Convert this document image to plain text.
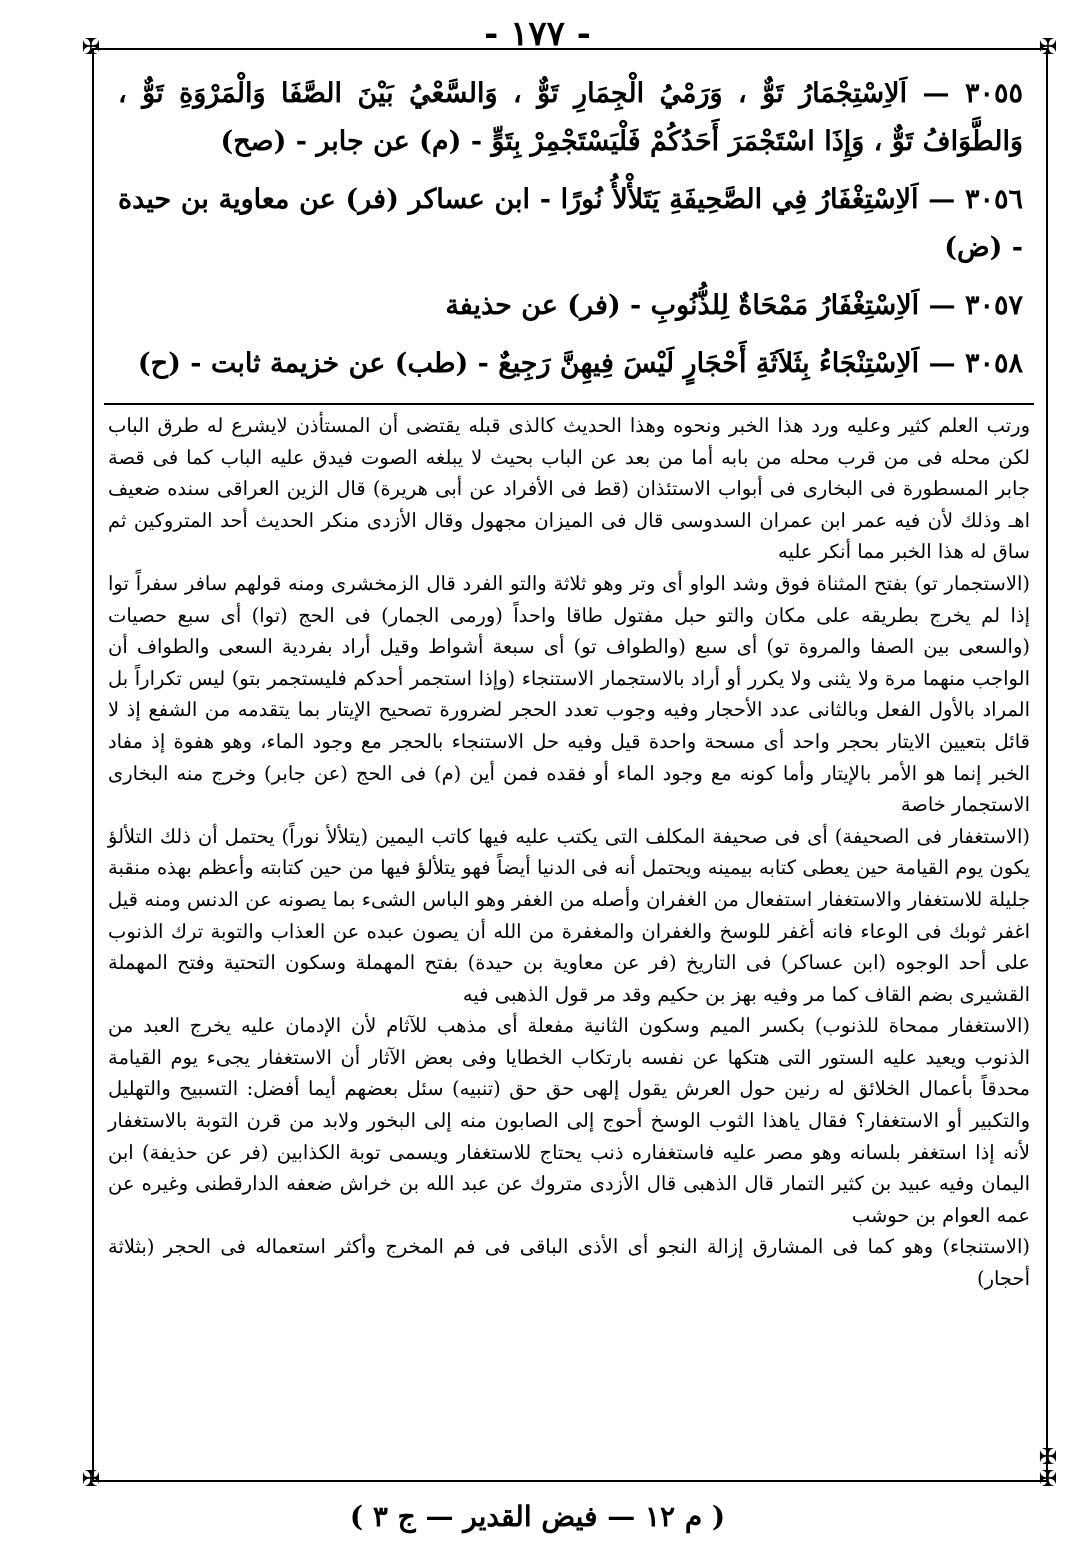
- ١٧٧ -
✠	✠
✠	✠
✠

٣٠٥٥ — اَلاِسْتِجْمَارُ تَوٌّ ، وَرَمْيُ الْجِمَارِ تَوٌّ ، وَالسَّعْيُ بَيْنَ الصَّفَا وَالْمَرْوَةِ تَوٌّ ، وَالطَّوَافُ تَوٌّ ، وَإِذَا اسْتَجْمَرَ أَحَدُكُمْ فَلْيَسْتَجْمِرْ بِتَوٍّ - (م) عن جابر - (صح)

٣٠٥٦ — اَلاِسْتِغْفَارُ فِي الصَّحِيفَةِ يَتَلأْلأُ نُورًا - ابن عساكر (فر) عن معاوية بن حيدة - (ض)

٣٠٥٧ — اَلاِسْتِغْفَارُ مَمْحَاةٌ لِلذُّنُوبِ - (فر) عن حذيفة

٣٠٥٨ — اَلاِسْتِنْجَاءُ بِثَلاَثَةِ أَحْجَارٍ لَيْسَ فِيهِنَّ رَجِيعٌ - (طب) عن خزيمة ثابت - (ح)

ورتب العلم كثير وعليه ورد هذا الخبر ونحوه وهذا الحديث كالذى قبله يقتضى أن المستأذن لايشرع له طرق الباب لكن محله فى من قرب محله من بابه أما من بعد عن الباب بحيث لا يبلغه الصوت فيدق عليه الباب كما فى قصة جابر المسطورة فى البخارى فى أبواب الاستئذان (قط فى الأفراد عن أبى هريرة) قال الزين العراقى سنده ضعيف اهـ وذلك لأن فيه عمر ابن عمران السدوسى قال فى الميزان مجهول وقال الأزدى منكر الحديث أحد المتروكين ثم ساق له هذا الخبر مما أنكر عليه

(الاستجمار تو) بفتح المثناة فوق وشد الواو أى وتر وهو ثلاثة والتو الفرد قال الزمخشرى ومنه قولهم سافر سفراً توا إذا لم يخرج بطريقه على مكان والتو حبل مفتول طاقا واحداً (ورمى الجمار) فى الحج (توا) أى سبع حصيات (والسعى بين الصفا والمروة تو) أى سبع (والطواف تو) أى سبعة أشواط وقيل أراد بفردية السعى والطواف أن الواجب منهما مرة ولا يثنى ولا يكرر أو أراد بالاستجمار الاستنجاء (وإذا استجمر أحدكم فليستجمر بتو) ليس تكراراً بل المراد بالأول الفعل وبالثانى عدد الأحجار وفيه وجوب تعدد الحجر لضرورة تصحيح الإيتار بما يتقدمه من الشفع إذ لا قائل بتعيين الايتار بحجر واحد أى مسحة واحدة قيل وفيه حل الاستنجاء بالحجر مع وجود الماء، وهو هفوة إذ مفاد الخبر إنما هو الأمر بالإيتار وأما كونه مع وجود الماء أو فقده فمن أين (م) فى الحج (عن جابر) وخرج منه البخارى الاستجمار خاصة

(الاستغفار فى الصحيفة) أى فى صحيفة المكلف التى يكتب عليه فيها كاتب اليمين (يتلألأ نوراً) يحتمل أن ذلك التلألؤ يكون يوم القيامة حين يعطى كتابه بيمينه ويحتمل أنه فى الدنيا أيضاً فهو يتلألؤ فيها من حين كتابته وأعظم بهذه منقبة جليلة للاستغفار والاستغفار استفعال من الغفران وأصله من الغفر وهو الباس الشىء بما يصونه عن الدنس ومنه قيل اغفر ثوبك فى الوعاء فانه أغفر للوسخ والغفران والمغفرة من الله أن يصون عبده عن العذاب والتوبة ترك الذنوب على أحد الوجوه (ابن عساكر) فى التاريخ (فر عن معاوية بن حيدة) بفتح المهملة وسكون التحتية وفتح المهملة القشيرى بضم القاف كما مر وفيه بهز بن حكيم وقد مر قول الذهبى فيه

(الاستغفار ممحاة للذنوب) بكسر الميم وسكون الثانية مفعلة أى مذهب للآثام لأن الإدمان عليه يخرج العبد من الذنوب ويعيد عليه الستور التى هتكها عن نفسه بارتكاب الخطايا وفى بعض الآثار أن الاستغفار يجىء يوم القيامة محدقاً بأعمال الخلائق له رنين حول العرش يقول إلهى حق حق (تنبيه) سئل بعضهم أيما أفضل: التسبيح والتهليل والتكبير أو الاستغفار؟ فقال ياهذا الثوب الوسخ أحوج إلى الصابون منه إلى البخور ولابد من قرن التوبة بالاستغفار لأنه إذا استغفر بلسانه وهو مصر عليه فاستغفاره ذنب يحتاج للاستغفار ويسمى توبة الكذابين (فر عن حذيفة) ابن اليمان وفيه عبيد بن كثير التمار قال الذهبى قال الأزدى متروك عن عبد الله بن خراش ضعفه الدارقطنى وغيره عن عمه العوام بن حوشب

(الاستنجاء) وهو كما فى المشارق إزالة النجو أى الأذى الباقى فى فم المخرج وأكثر استعماله فى الحجر (بثلاثة أحجار)

( م ١٢ — فيض القدير — ج ٣ )
